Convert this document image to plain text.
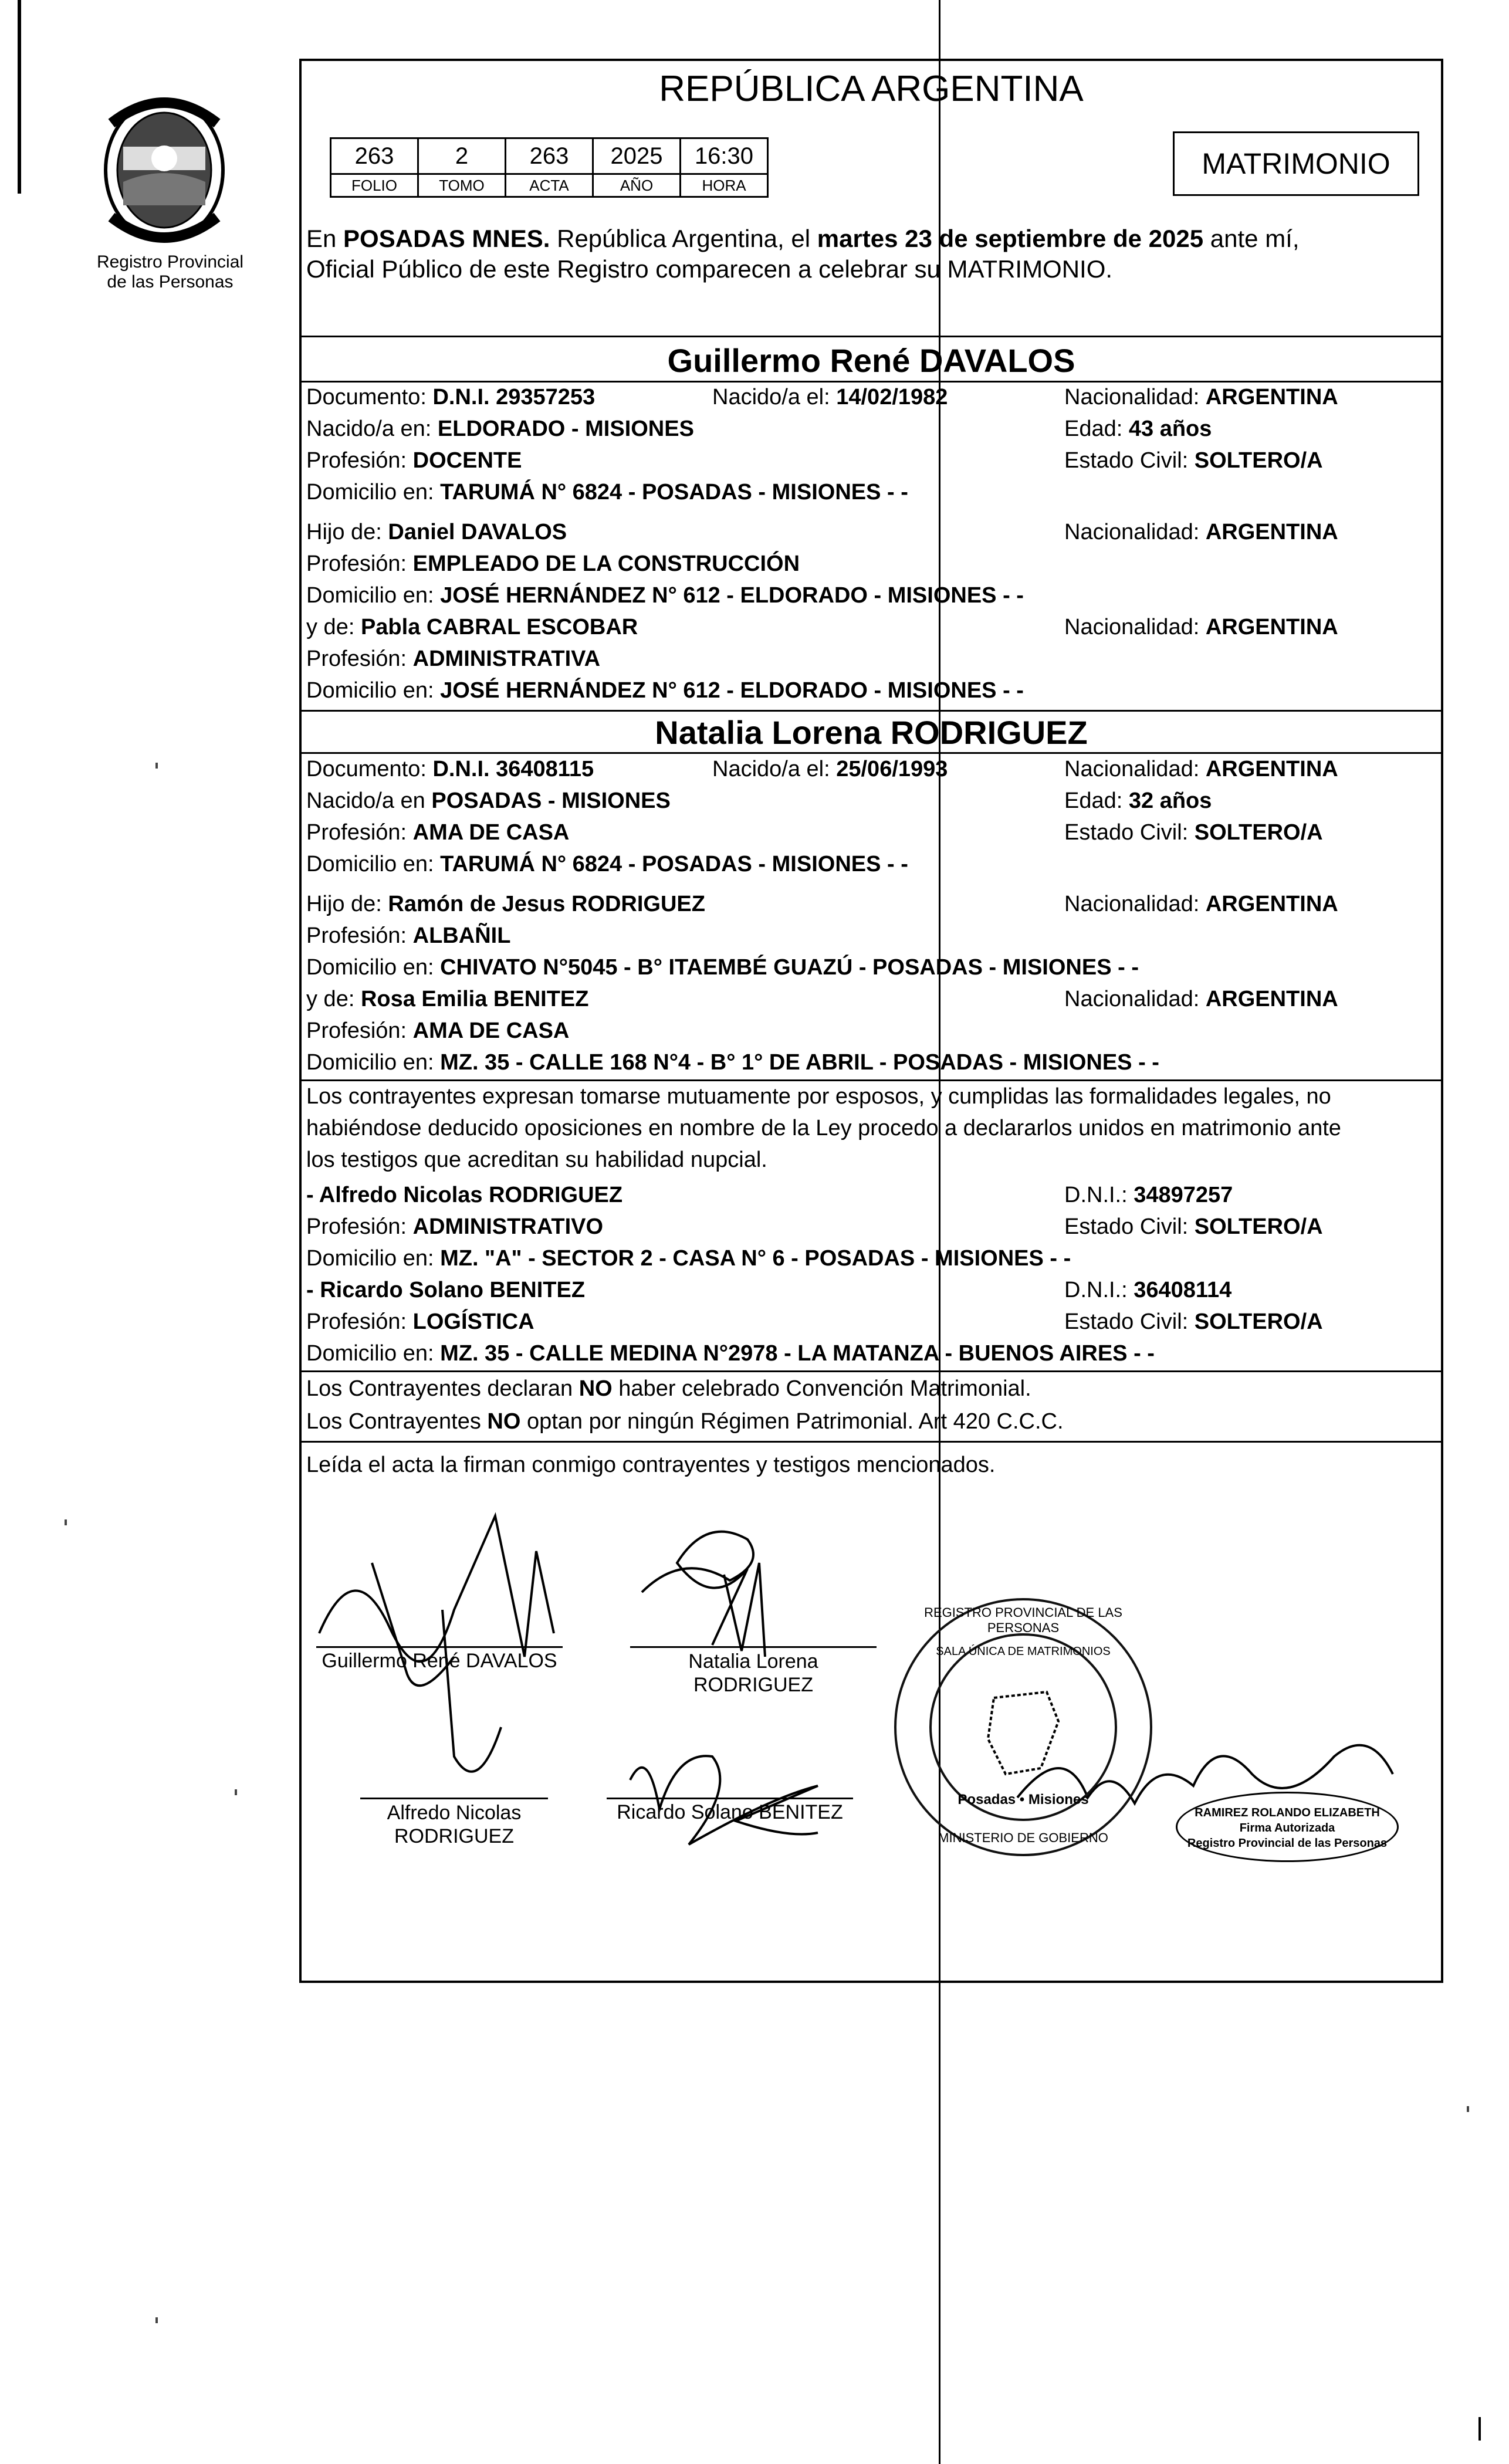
Registro Provincial
de las Personas
REPÚBLICA ARGENTINA
263	2	263	2025	16:30
FOLIO	TOMO	ACTA	AÑO	HORA
MATRIMONIO
En POSADAS MNES. República Argentina, el martes 23 de septiembre de 2025 ante mí,
Oficial Público de este Registro comparecen a celebrar su MATRIMONIO.
Guillermo René DAVALOS
Documento: D.N.I. 29357253	Nacido/a el: 14/02/1982	Nacionalidad: ARGENTINA
Nacido/a en: ELDORADO - MISIONES	Edad: 43 años
Profesión: DOCENTE	Estado Civil: SOLTERO/A
Domicilio en: TARUMÁ N° 6824 - POSADAS - MISIONES - -
Hijo de: Daniel DAVALOS	Nacionalidad: ARGENTINA
Profesión: EMPLEADO DE LA CONSTRUCCIÓN
Domicilio en: JOSÉ HERNÁNDEZ N° 612 - ELDORADO - MISIONES - -
y de: Pabla CABRAL ESCOBAR	Nacionalidad: ARGENTINA
Profesión: ADMINISTRATIVA
Domicilio en: JOSÉ HERNÁNDEZ N° 612 - ELDORADO - MISIONES - -
Natalia Lorena RODRIGUEZ
Documento: D.N.I. 36408115	Nacido/a el: 25/06/1993	Nacionalidad: ARGENTINA
Nacido/a en POSADAS - MISIONES	Edad: 32 años
Profesión: AMA DE CASA	Estado Civil: SOLTERO/A
Domicilio en: TARUMÁ N° 6824 - POSADAS - MISIONES - -
Hijo de: Ramón de Jesus RODRIGUEZ	Nacionalidad: ARGENTINA
Profesión: ALBAÑIL
Domicilio en: CHIVATO N°5045 - B° ITAEMBÉ GUAZÚ - POSADAS - MISIONES - -
y de: Rosa Emilia BENITEZ	Nacionalidad: ARGENTINA
Profesión: AMA DE CASA
Domicilio en: MZ. 35 - CALLE 168 N°4 - B° 1° DE ABRIL - POSADAS - MISIONES - -
Los contrayentes expresan tomarse mutuamente por esposos, y cumplidas las formalidades legales, no
habiéndose deducido oposiciones en nombre de la Ley procedo a declararlos unidos en matrimonio ante
los testigos que acreditan su habilidad nupcial.
- Alfredo Nicolas RODRIGUEZ	D.N.I.: 34897257
Profesión: ADMINISTRATIVO	Estado Civil: SOLTERO/A
Domicilio en: MZ. "A" - SECTOR 2 - CASA N° 6 - POSADAS - MISIONES - -
- Ricardo Solano BENITEZ	D.N.I.: 36408114
Profesión: LOGÍSTICA	Estado Civil: SOLTERO/A
Domicilio en: MZ. 35 - CALLE MEDINA N°2978 - LA MATANZA - BUENOS AIRES - -
Los Contrayentes declaran NO haber celebrado Convención Matrimonial.
Los Contrayentes NO optan por ningún Régimen Patrimonial. Art 420 C.C.C.
Leída el acta la firman conmigo contrayentes y testigos mencionados.
Guillermo René DAVALOS	Natalia Lorena
RODRIGUEZ
Alfredo Nicolas
RODRIGUEZ
Ricardo Solano BENITEZ
REGISTRO PROVINCIAL DE LAS PERSONAS
SALA ÚNICA DE MATRIMONIOS
Posadas • Misiones
MINISTERIO DE GOBIERNO
RAMIREZ ROLANDO ELIZABETH
Firma Autorizada
Registro Provincial de las Personas
